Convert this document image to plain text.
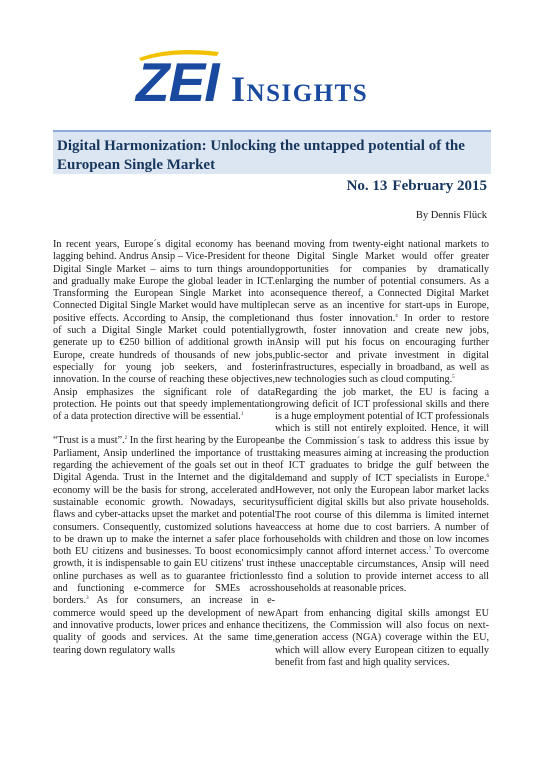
ZEI Insights
Digital Harmonization: Unlocking the untapped potential of the European Single Market
No. 13 February 2015
By Dennis Flück

In recent years, Europe´s digital economy has been lagging behind. Andrus Ansip – Vice-President for the Digital Single Market – aims to turn things around and gradually make Europe the global leader in ICT. Transforming the European Single Market into a Connected Digital Single Market would have multiple positive effects. According to Ansip, the completion of such a Digital Single Market could potentially generate up to €250 billion of additional growth in Europe, create hundreds of thousands of new jobs, especially for young job seekers, and foster innovation. In the course of reaching these objectives, Ansip emphasizes the significant role of data protection. He points out that speedy implementation of a data protection directive will be essential.$^1$

“Trust is a must”.$^2$ In the first hearing by the European Parliament, Ansip underlined the importance of trust regarding the achievement of the goals set out in the Digital Agenda. Trust in the Internet and the digital economy will be the basis for strong, accelerated and sustainable economic growth. Nowadays, security flaws and cyber-attacks upset the market and potential consumers. Consequently, customized solutions have to be drawn up to make the internet a safer place for both EU citizens and businesses. To boost economic growth, it is indispensable to gain EU citizens' trust in online purchases as well as to guarantee frictionless and functioning e-commerce for SMEs across borders.$^3$ As for consumers, an increase in e-commerce would speed up the development of new and innovative products, lower prices and enhance the quality of goods and services. At the same time, tearing down regulatory walls

and moving from twenty-eight national markets to one Digital Single Market would offer greater opportunities for companies by dramatically enlarging the number of potential consumers. As a consequence thereof, a Connected Digital Market can serve as an incentive for start-ups in Europe, and thus foster innovation.$^4$ In order to restore growth, foster innovation and create new jobs, Ansip will put his focus on encouraging further public-sector and private investment in digital infrastructures, especially in broadband, as well as new technologies such as cloud computing.$^5$

Regarding the job market, the EU is facing a growing deficit of ICT professional skills and there is a huge employment potential of ICT professionals which is still not entirely exploited. Hence, it will be the Commission´s task to address this issue by taking measures aiming at increasing the production of ICT graduates to bridge the gulf between the demand and supply of ICT specialists in Europe.$^6$ However, not only the European labor market lacks sufficient digital skills but also private households. The root course of this dilemma is limited internet access at home due to cost barriers. A number of households with children and those on low incomes simply cannot afford internet access.$^7$ To overcome these unacceptable circumstances, Ansip will need to find a solution to provide internet access to all households at reasonable prices.

Apart from enhancing digital skills amongst EU citizens, the Commission will also focus on next-generation access (NGA) coverage within the EU, which will allow every European citizen to equally benefit from fast and high quality services.
